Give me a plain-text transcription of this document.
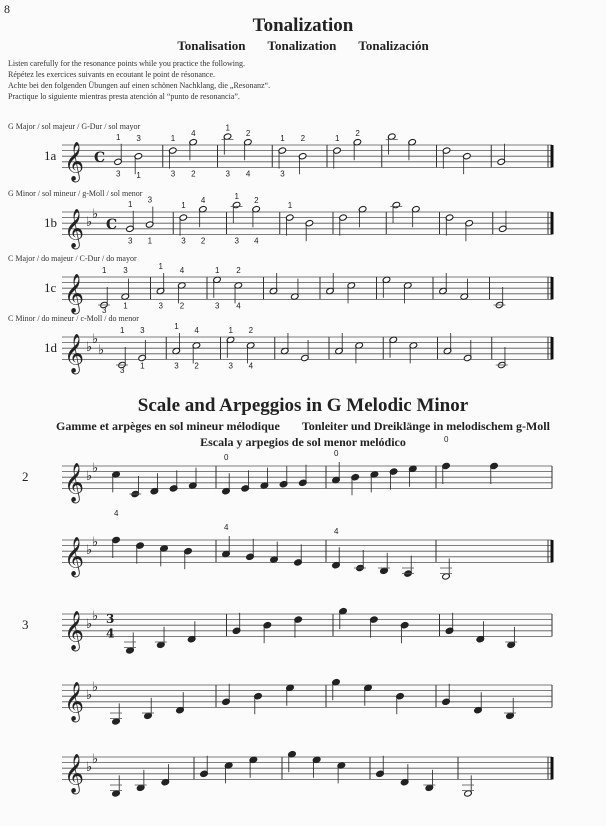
8
Tonalization
Tonalisation Tonalization Tonalización
Listen carefully for the resonance points while you practice the following.
Répétez les exercices suivants en ecoutant le point de résonance.
Achte bei den folgenden Übungen auf einen schönen Nachklang, die „Resonanz“.
Practique lo siguiente mientras presta atención al “punto de resonancia”.
Scale and Arpeggios in G Melodic Minor
Gamme et arpèges en sol mineur mélodique Tonleiter und Dreiklänge in melodischem g-Moll
Escala y arpegios de sol menor melódico
𝄞 C
1 3	1
4
1
2
1 2	1
2
3 1	3 2	3 4	3
𝄞 ♭
♭
C
1 3
1
4	1 2
1
3 1	3 2	3 4
𝄞
1 3	1 4	1 2
3
1	3 2	3 4
𝄞 ♭
♭
♭
1 3	1 4	1 2
3
1	3 2	3 4
𝄞 ♭
♭
0	0
0
𝄞 ♭
♭
4
4	4
𝄞 ♭
♭ 3
4
𝄞 ♭
♭
𝄞 ♭
♭
G Major / sol majeur / G-Dur / sol mayor
1a
G Minor / sol mineur / g-Moll / sol menor
1b
C Major / do majeur / C-Dur / do mayor
1c
C Minor / do mineur / c-Moll / do menor
1d
2
3
